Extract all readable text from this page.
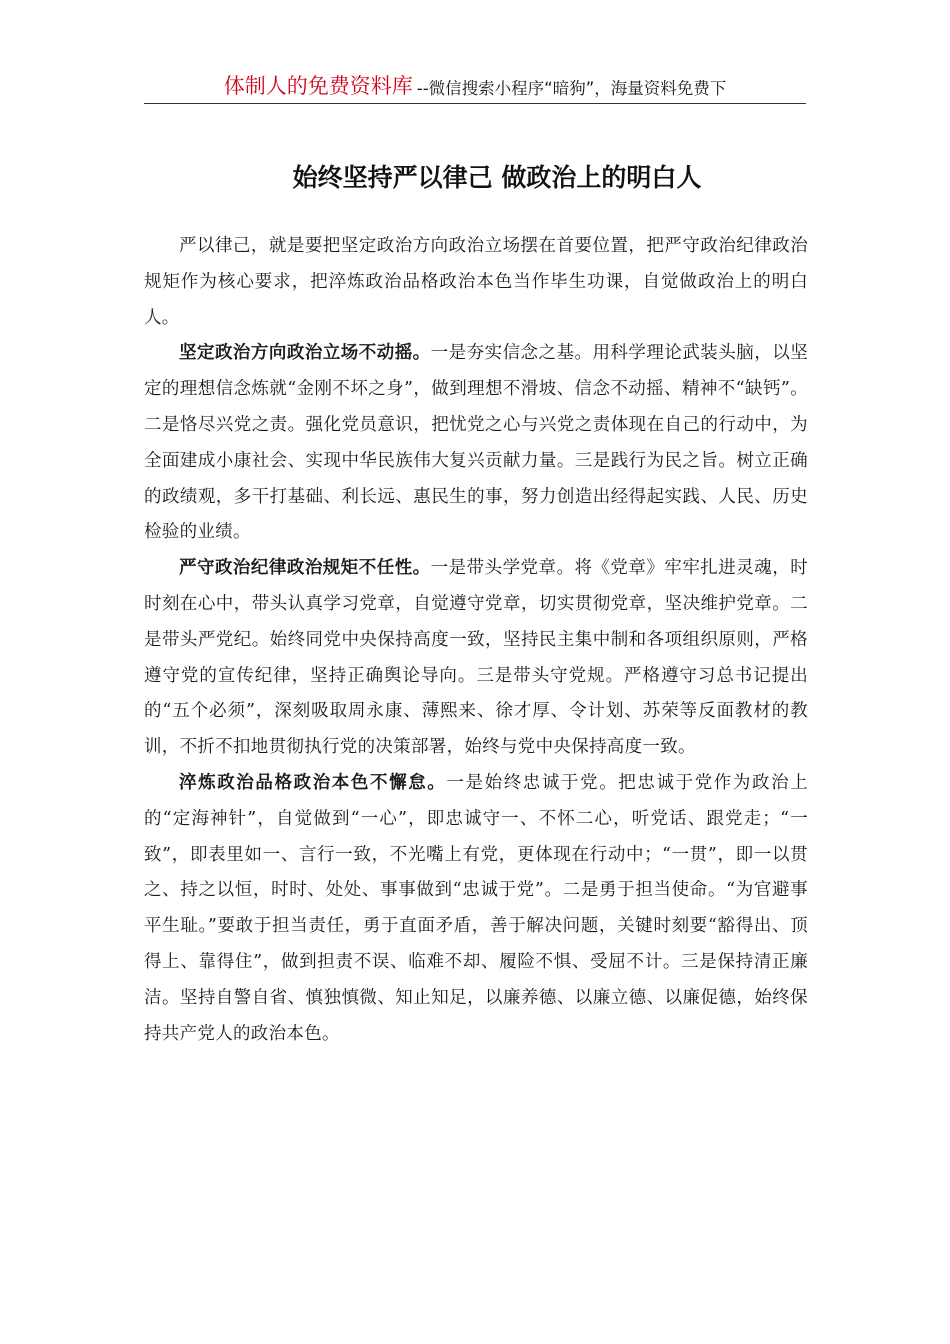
体制人的免费资料库 --微信搜索小程序“暗狗”，海量资料免费下
始终坚持严以律己 做政治上的明白人

严以律己，就是要把坚定政治方向政治立场摆在首要位置，把严守政治纪律政治规矩作为核心要求，把淬炼政治品格政治本色当作毕生功课，自觉做政治上的明白人。

坚定政治方向政治立场不动摇。一是夯实信念之基。用科学理论武装头脑，以坚定的理想信念炼就“金刚不坏之身”，做到理想不滑坡、信念不动摇、精神不“缺钙”。二是恪尽兴党之责。强化党员意识，把忧党之心与兴党之责体现在自己的行动中，为全面建成小康社会、实现中华民族伟大复兴贡献力量。三是践行为民之旨。树立正确的政绩观，多干打基础、利长远、惠民生的事，努力创造出经得起实践、人民、历史检验的业绩。

严守政治纪律政治规矩不任性。一是带头学党章。将《党章》牢牢扎进灵魂，时时刻在心中，带头认真学习党章，自觉遵守党章，切实贯彻党章，坚决维护党章。二是带头严党纪。始终同党中央保持高度一致，坚持民主集中制和各项组织原则，严格遵守党的宣传纪律，坚持正确舆论导向。三是带头守党规。严格遵守习总书记提出的“五个必须”，深刻吸取周永康、薄熙来、徐才厚、令计划、苏荣等反面教材的教训，不折不扣地贯彻执行党的决策部署，始终与党中央保持高度一致。

淬炼政治品格政治本色不懈怠。一是始终忠诚于党。把忠诚于党作为政治上的“定海神针”，自觉做到“一心”，即忠诚守一、不怀二心，听党话、跟党走；“一致”，即表里如一、言行一致，不光嘴上有党，更体现在行动中；“一贯”，即一以贯之、持之以恒，时时、处处、事事做到“忠诚于党”。二是勇于担当使命。“为官避事平生耻。”要敢于担当责任，勇于直面矛盾，善于解决问题，关键时刻要“豁得出、顶得上、靠得住”，做到担责不误、临难不却、履险不惧、受屈不计。三是保持清正廉洁。坚持自警自省、慎独慎微、知止知足，以廉养德、以廉立德、以廉促德，始终保持共产党人的政治本色。
